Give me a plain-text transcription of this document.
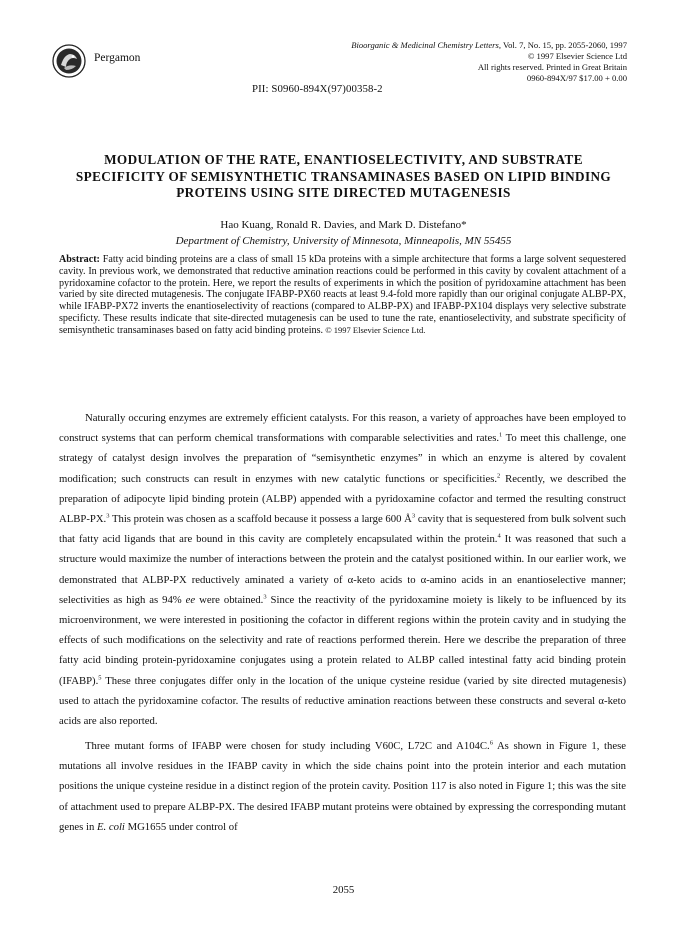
Pergamon
Bioorganic & Medicinal Chemistry Letters, Vol. 7, No. 15, pp. 2055-2060, 1997
© 1997 Elsevier Science Ltd
All rights reserved. Printed in Great Britain
0960-894X/97 $17.00 + 0.00
PII: S0960-894X(97)00358-2
MODULATION OF THE RATE, ENANTIOSELECTIVITY, AND SUBSTRATE SPECIFICITY OF SEMISYNTHETIC TRANSAMINASES BASED ON LIPID BINDING PROTEINS USING SITE DIRECTED MUTAGENESIS
Hao Kuang, Ronald R. Davies, and Mark D. Distefano*
Department of Chemistry, University of Minnesota, Minneapolis, MN 55455
Abstract: Fatty acid binding proteins are a class of small 15 kDa proteins with a simple architecture that forms a large solvent sequestered cavity. In previous work, we demonstrated that reductive amination reactions could be performed in this cavity by covalent attachment of a pyridoxamine cofactor to the protein. Here, we report the results of experiments in which the position of pyridoxamine attachment has been varied by site directed mutagenesis. The conjugate IFABP-PX60 reacts at least 9.4-fold more rapidly than our original conjugate ALBP-PX, while IFABP-PX72 inverts the enantioselectivity of reactions (compared to ALBP-PX) and IFABP-PX104 displays very selective substrate specificty. These results indicate that site-directed mutagenesis can be used to tune the rate, enantioselectivity, and substrate specificity of semisynthetic transaminases based on fatty acid binding proteins. © 1997 Elsevier Science Ltd.
Naturally occuring enzymes are extremely efficient catalysts. For this reason, a variety of approaches have been employed to construct systems that can perform chemical transformations with comparable selectivities and rates.$^1$ To meet this challenge, one strategy of catalyst design involves the preparation of “semisynthetic enzymes” in which an enzyme is altered by covalent modification; such constructs can result in enzymes with new catalytic functions or specificities.$^2$ Recently, we described the preparation of adipocyte lipid binding protein (ALBP) appended with a pyridoxamine cofactor and termed the resulting construct ALBP-PX.$^3$ This protein was chosen as a scaffold because it possess a large 600 $Å^3$ cavity that is sequestered from bulk solvent such that fatty acid ligands that are bound in this cavity are completely encapsulated within the protein.$^4$ It was reasoned that such a structure would maximize the number of interactions between the protein and the catalyst positioned within. In our earlier work, we demonstrated that ALBP-PX reductively aminated a variety of α-keto acids to α-amino acids in an enantioselective manner; selectivities as high as 94% ee were obtained.$^3$ Since the reactivity of the pyridoxamine moiety is likely to be influenced by its microenvironment, we were interested in positioning the cofactor in different regions within the protein cavity and in studying the effects of such modifications on the selectivity and rate of reactions performed therein. Here we describe the preparation of three fatty acid binding protein-pyridoxamine conjugates using a protein related to ALBP called intestinal fatty acid binding protein (IFABP).$^5$ These three conjugates differ only in the location of the unique cysteine residue (varied by site directed mutagenesis) used to attach the pyridoxamine cofactor. The results of reductive amination reactions between these constructs and several α-keto acids are also reported.
Three mutant forms of IFABP were chosen for study including V60C, L72C and A104C.$^6$ As shown in Figure 1, these mutations all involve residues in the IFABP cavity in which the side chains point into the protein interior and each mutation positions the unique cysteine residue in a distinct region of the protein cavity. Position 117 is also noted in Figure 1; this was the site of attachment used to prepare ALBP-PX. The desired IFABP mutant proteins were obtained by expressing the corresponding mutant genes in E. coli MG1655 under control of
2055
